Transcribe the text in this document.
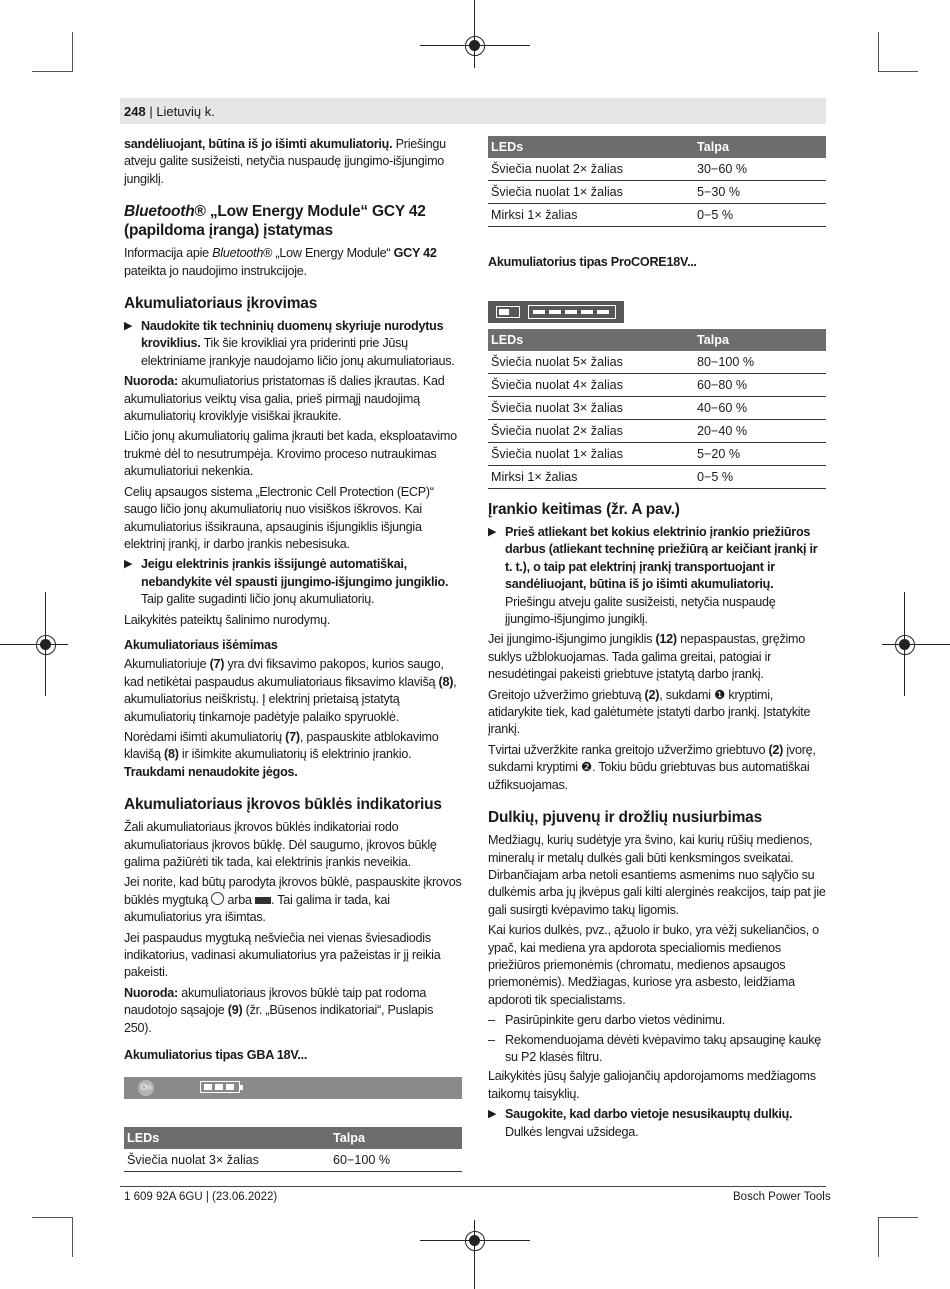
248 | Lietuvių k.

sandėliuojant, būtina iš jo išimti akumuliatorių. Priešingu atveju galite susižeisti, netyčia nuspaudę įjungimo-išjungimo jungiklį.

Bluetooth® „Low Energy Module“ GCY 42 (papildoma įranga) įstatymas

Informacija apie Bluetooth® „Low Energy Module“ GCY 42 pateikta jo naudojimo instrukcijoje.

Akumuliatoriaus įkrovimas
▶ Naudokite tik techninių duomenų skyriuje nurodytus kroviklius. Tik šie krovikliai yra priderinti prie Jūsų elektriniame įrankyje naudojamo ličio jonų akumuliatoriaus.

Nuoroda: akumuliatorius pristatomas iš dalies įkrautas. Kad akumuliatorius veiktų visa galia, prieš pirmąjį naudojimą akumuliatorių kroviklyje visiškai įkraukite.

Ličio jonų akumuliatorių galima įkrauti bet kada, eksploatavimo trukmė dėl to nesutrumpėja. Krovimo proceso nutraukimas akumuliatoriui nekenkia.

Celių apsaugos sistema „Electronic Cell Protection (ECP)“ saugo ličio jonų akumuliatorių nuo visiškos iškrovos. Kai akumuliatorius išsikrauna, apsauginis išjungiklis išjungia elektrinį įrankį, ir darbo įrankis nebesisuka.

▶ Jeigu elektrinis įrankis išsijungė automatiškai, nebandykite vėl spausti įjungimo-išjungimo jungiklio. Taip galite sugadinti ličio jonų akumuliatorių.

Laikykitės pateiktų šalinimo nurodymų.

Akumuliatoriaus išėmimas

Akumuliatoriuje (7) yra dvi fiksavimo pakopos, kurios saugo, kad netikėtai paspaudus akumuliatoriaus fiksavimo klavišą (8), akumuliatorius neiškristų. Į elektrinį prietaisą įstatytą akumuliatorių tinkamoje padėtyje palaiko spyruoklė.

Norėdami išimti akumuliatorių (7), paspauskite atblokavimo klavišą (8) ir išimkite akumuliatorių iš elektrinio įrankio.
Traukdami nenaudokite jėgos.

Akumuliatoriaus įkrovos būklės indikatorius

Žali akumuliatoriaus įkrovos būklės indikatoriai rodo akumuliatoriaus įkrovos būklę. Dėl saugumo, įkrovos būklę galima pažiūrėti tik tada, kai elektrinis įrankis neveikia.

Jei norite, kad būtų parodyta įkrovos būklė, paspauskite įkrovos būklės mygtuką  arba . Tai galima ir tada, kai akumuliatorius yra išimtas.

Jei paspaudus mygtuką nešviečia nei vienas šviesadiodis indikatorius, vadinasi akumuliatorius yra pažeistas ir jį reikia pakeisti.

Nuoroda: akumuliatoriaus įkrovos būklė taip pat rodoma naudotojo sąsajoje (9) (žr. „Būsenos indikatoriai“, Puslapis 250).

Akumuliatorius tipas GBA 18V...
On
LEDs	Talpa
Šviečia nuolat 3× žalias	60−100 %
LEDs	Talpa
Šviečia nuolat 2× žalias	30−60 %
Šviečia nuolat 1× žalias	5−30 %
Mirksi 1× žalias	0−5 %
Akumuliatorius tipas ProCORE18V...
LEDs	Talpa
Šviečia nuolat 5× žalias	80−100 %
Šviečia nuolat 4× žalias	60−80 %
Šviečia nuolat 3× žalias	40−60 %
Šviečia nuolat 2× žalias	20−40 %
Šviečia nuolat 1× žalias	5−20 %
Mirksi 1× žalias	0−5 %
Įrankio keitimas (žr. A pav.)
▶ Prieš atliekant bet kokius elektrinio įrankio priežiūros darbus (atliekant techninę priežiūrą ar keičiant įrankį ir t. t.), o taip pat elektrinį įrankį transportuojant ir sandėliuojant, būtina iš jo išimti akumuliatorių. Priešingu atveju galite susižeisti, netyčia nuspaudę įjungimo-išjungimo jungiklį.

Jei įjungimo-išjungimo jungiklis (12) nepaspaustas, gręžimo suklys užblokuojamas. Tada galima greitai, patogiai ir nesudėtingai pakeisti griebtuve įstatytą darbo įrankį.

Greitojo užveržimo griebtuvą (2), sukdami ❶ kryptimi, atidarykite tiek, kad galėtumėte įstatyti darbo įrankį. Įstatykite įrankį.

Tvirtai užveržkite ranka greitojo užveržimo griebtuvo (2) įvorę, sukdami kryptimi ❷. Tokiu būdu griebtuvas bus automatiškai užfiksuojamas.

Dulkių, pjuvenų ir drožlių nusiurbimas

Medžiagų, kurių sudėtyje yra švino, kai kurių rūšių medienos, mineralų ir metalų dulkės gali būti kenksmingos sveikatai. Dirbančiajam arba netoli esantiems asmenims nuo sąlyčio su dulkėmis arba jų įkvėpus gali kilti alerginės reakcijos, taip pat jie gali susirgti kvėpavimo takų ligomis.

Kai kurios dulkės, pvz., ąžuolo ir buko, yra vėžį sukeliančios, o ypač, kai mediena yra apdorota specialiomis medienos priežiūros priemonėmis (chromatu, medienos apsaugos priemonėmis). Medžiagas, kuriose yra asbesto, leidžiama apdoroti tik specialistams.

– Pasirūpinkite geru darbo vietos vėdinimu.
– Rekomenduojama dėvėti kvėpavimo takų apsauginę kaukę su P2 klasės filtru.

Laikykitės jūsų šalyje galiojančių apdorojamoms medžiagoms taikomų taisyklių.

▶ Saugokite, kad darbo vietoje nesusikauptų dulkių. Dulkės lengvai užsidega.
1 609 92A 6GU | (23.06.2022)	Bosch Power Tools
